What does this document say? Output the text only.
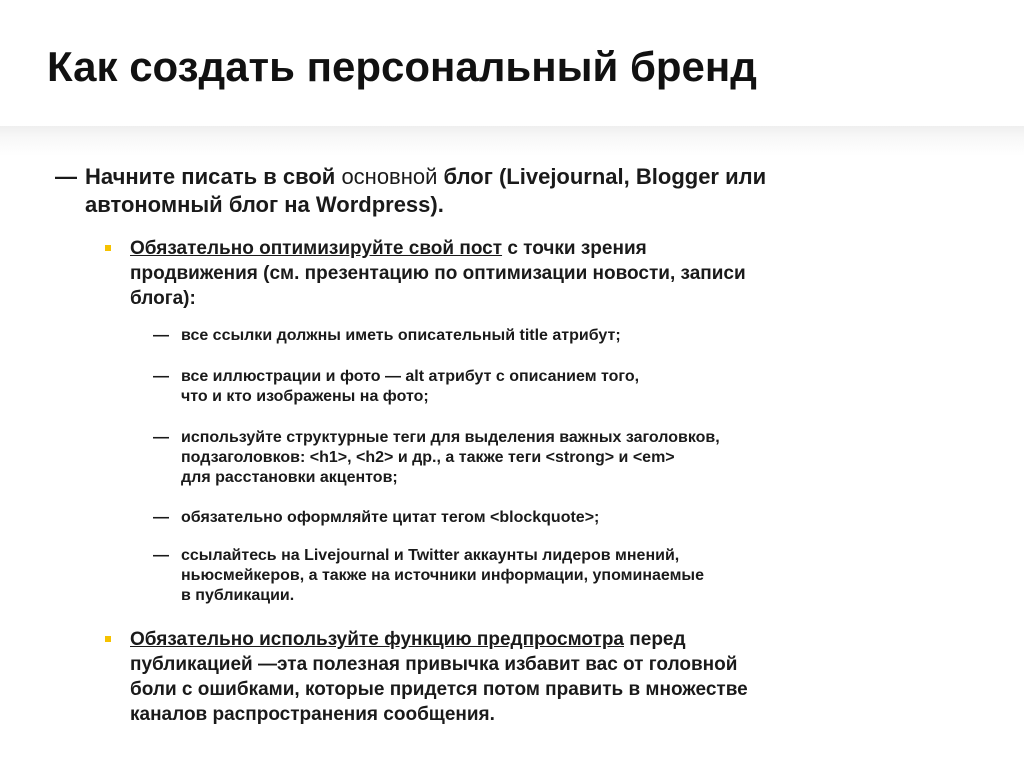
Как создать персональный бренд
— Начните писать в свой основной блог (Livejournal, Blogger или
автономный блог на Wordpress).
Обязательно оптимизируйте свой пост с точки зрения
продвижения (см. презентацию по оптимизации новости, записи
блога):
— все ссылки должны иметь описательный title атрибут;
— все иллюстрации и фото — alt атрибут с описанием того,
что и кто изображены на фото;
— используйте структурные теги для выделения важных заголовков,
подзаголовков: <h1>, <h2> и др., а также теги <strong> и <em>
для расстановки акцентов;
— обязательно оформляйте цитат тегом <blockquote>;
— ссылайтесь на Livejournal и Twitter аккаунты лидеров мнений,
ньюсмейкеров, а также на источники информации, упоминаемые
в публикации.
Обязательно используйте функцию предпросмотра перед
публикацией —эта полезная привычка избавит вас от головной
боли с ошибками, которые придется потом править в множестве
каналов распространения сообщения.
